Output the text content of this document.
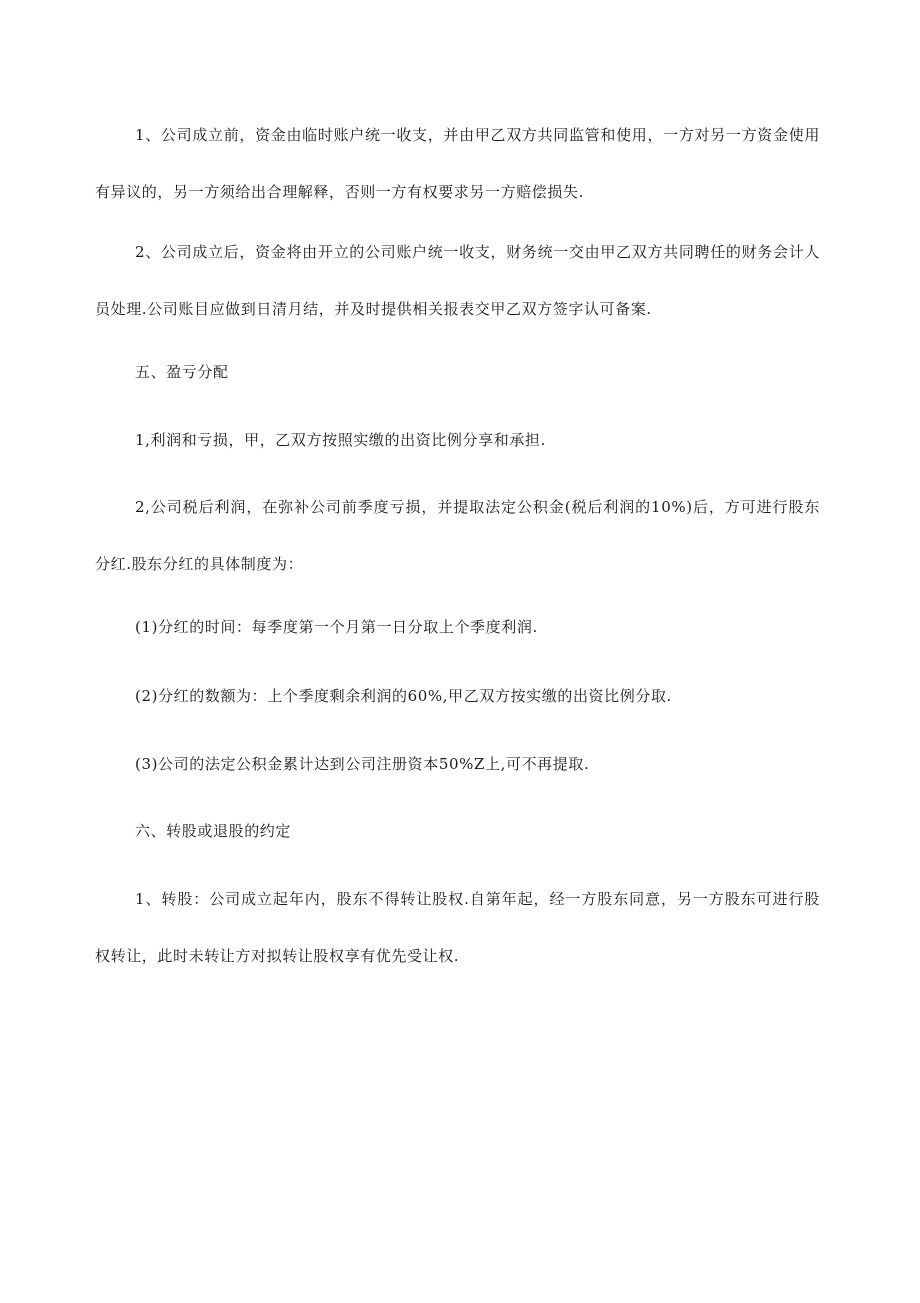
1、公司成立前，资金由临时账户统一收支，并由甲乙双方共同监管和使用，一方对另一方资金使用有异议的，另一方须给出合理解释，否则一方有权要求另一方赔偿损失.

2、公司成立后，资金将由开立的公司账户统一收支，财务统一交由甲乙双方共同聘任的财务会计人员处理.公司账目应做到日清月结，并及时提供相关报表交甲乙双方签字认可备案.

五、盈亏分配

1,利润和亏损，甲，乙双方按照实缴的出资比例分享和承担.

2,公司税后利润，在弥补公司前季度亏损，并提取法定公积金(税后利润的10%)后，方可进行股东分红.股东分红的具体制度为：

(1)分红的时间：每季度第一个月第一日分取上个季度利润.

(2)分红的数额为：上个季度剩余利润的60%,甲乙双方按实缴的出资比例分取.

(3)公司的法定公积金累计达到公司注册资本50%Z上,可不再提取.

六、转股或退股的约定

1、转股：公司成立起年内，股东不得转让股权.自第年起，经一方股东同意，另一方股东可进行股权转让，此时未转让方对拟转让股权享有优先受让权.
